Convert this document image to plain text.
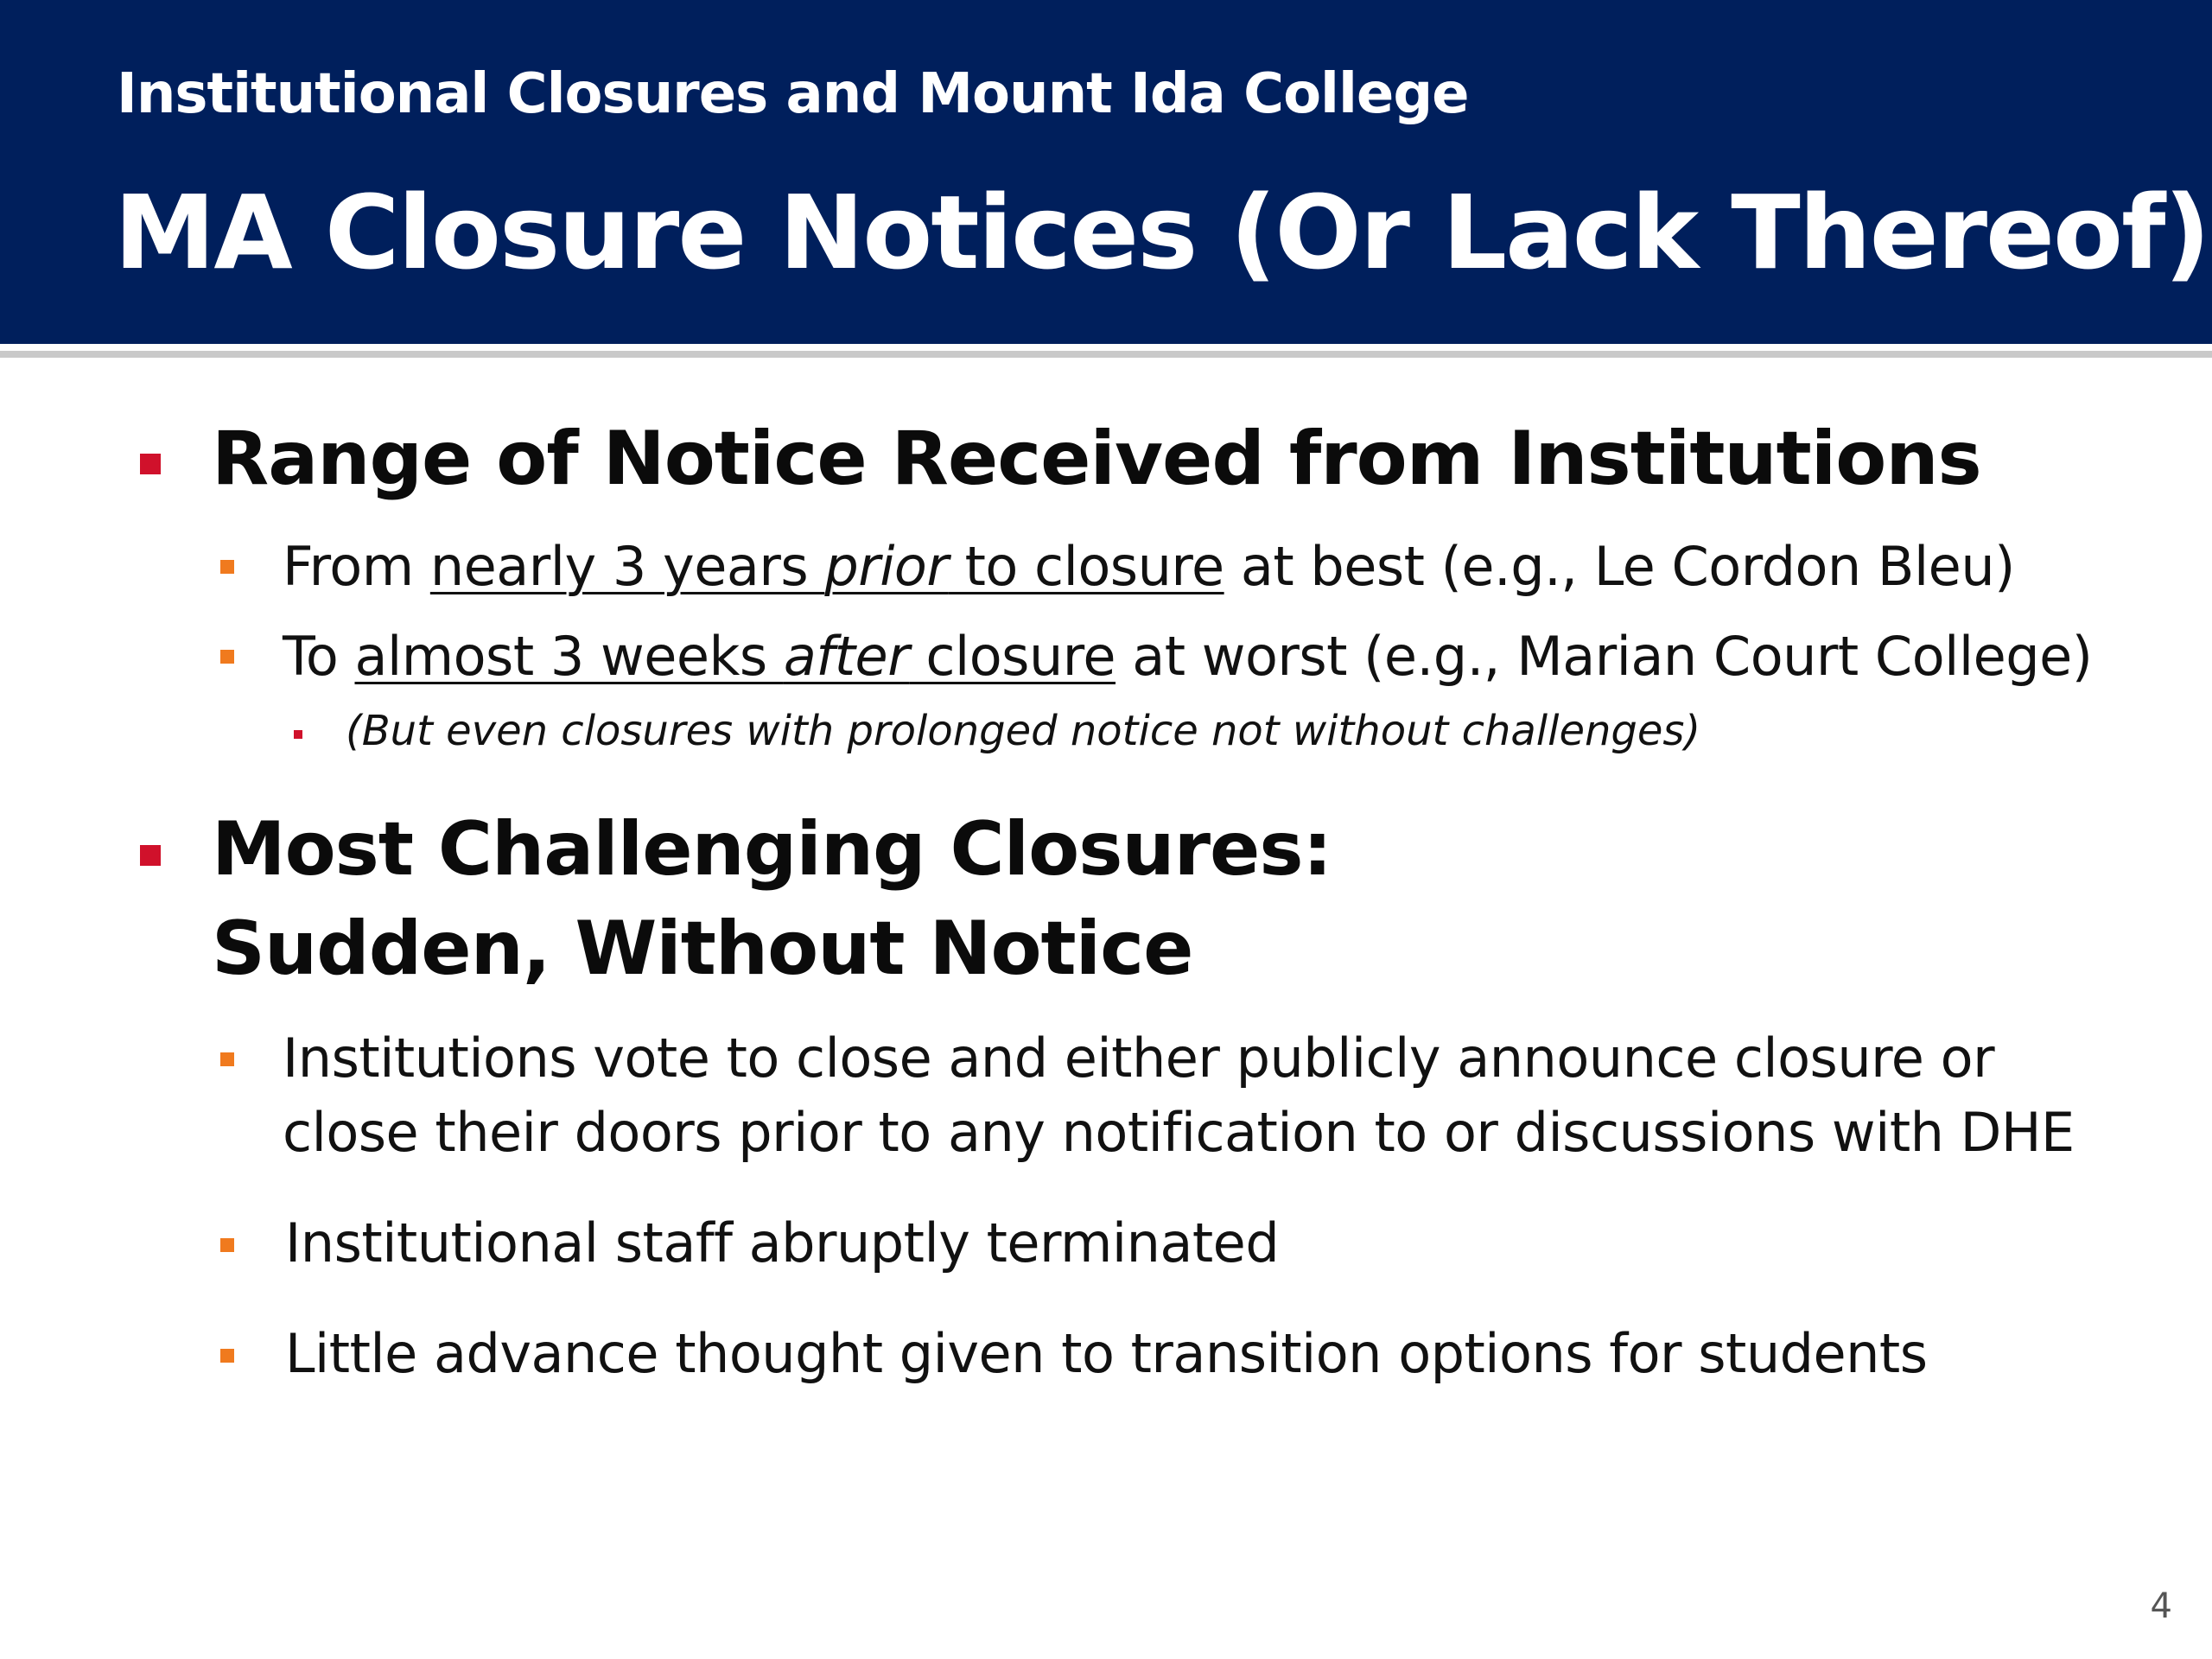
Institutional Closures and Mount Ida College
MA Closure Notices (Or Lack Thereof)
Range of Notice Received from Institutions
From nearly 3 years prior to closure at best (e.g., Le Cordon Bleu)
To almost 3 weeks after closure at worst (e.g., Marian Court College)
(But even closures with prolonged notice not without challenges)
Most Challenging Closures:
Sudden, Without Notice
Institutions vote to close and either publicly announce closure or
close their doors prior to any notification to or discussions with DHE
Institutional staff abruptly terminated
Little advance thought given to transition options for students
4
